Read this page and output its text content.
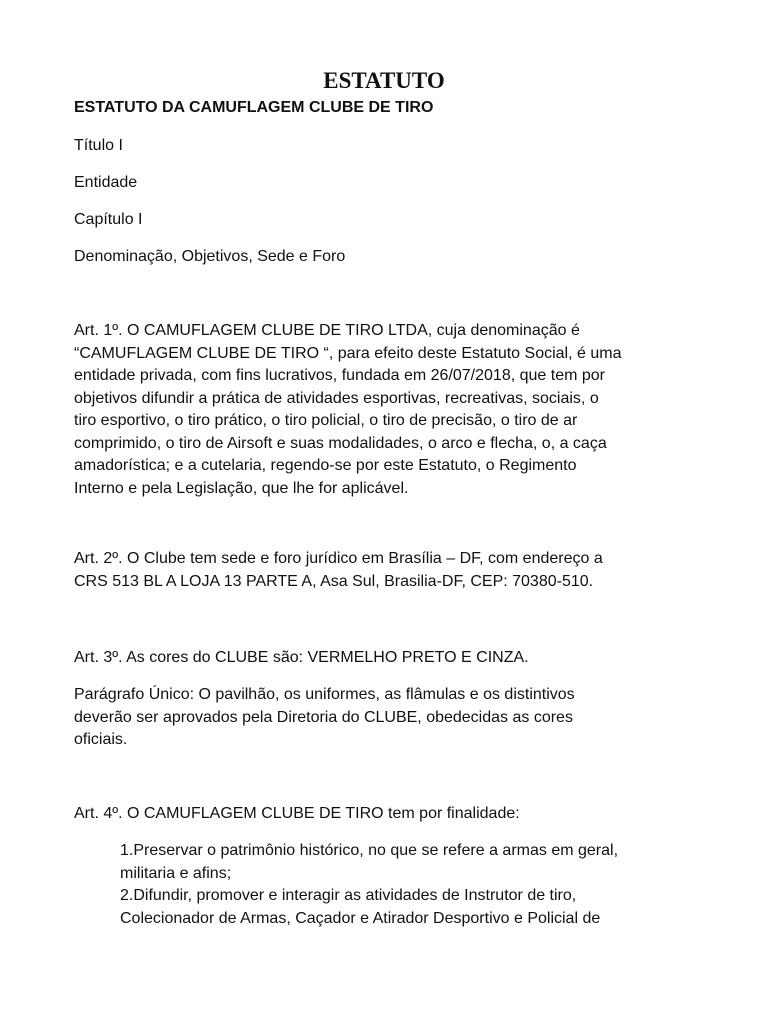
ESTATUTO

ESTATUTO DA CAMUFLAGEM CLUBE DE TIRO

Título I

Entidade

Capítulo I

Denominação, Objetivos, Sede e Foro

Art. 1º. O CAMUFLAGEM CLUBE DE TIRO LTDA, cuja denominação é
“CAMUFLAGEM CLUBE DE TIRO “, para efeito deste Estatuto Social, é uma
entidade privada, com fins lucrativos, fundada em 26/07/2018, que tem por
objetivos difundir a prática de atividades esportivas, recreativas, sociais, o
tiro esportivo, o tiro prático, o tiro policial, o tiro de precisão, o tiro de ar
comprimido, o tiro de Airsoft e suas modalidades, o arco e flecha, o, a caça
amadorística; e a cutelaria, regendo-se por este Estatuto, o Regimento
Interno e pela Legislação, que lhe for aplicável.

Art. 2º. O Clube tem sede e foro jurídico em Brasília – DF, com endereço a
CRS 513 BL A LOJA 13 PARTE A, Asa Sul, Brasilia-DF, CEP: 70380-510.

Art. 3º. As cores do CLUBE são: VERMELHO PRETO E CINZA.

Parágrafo Único: O pavilhão, os uniformes, as flâmulas e os distintivos
deverão ser aprovados pela Diretoria do CLUBE, obedecidas as cores
oficiais.

Art. 4º. O CAMUFLAGEM CLUBE DE TIRO tem por finalidade:

1.Preservar o patrimônio histórico, no que se refere a armas em geral,
militaria e afins;
2.Difundir, promover e interagir as atividades de Instrutor de tiro,
Colecionador de Armas, Caçador e Atirador Desportivo e Policial de
